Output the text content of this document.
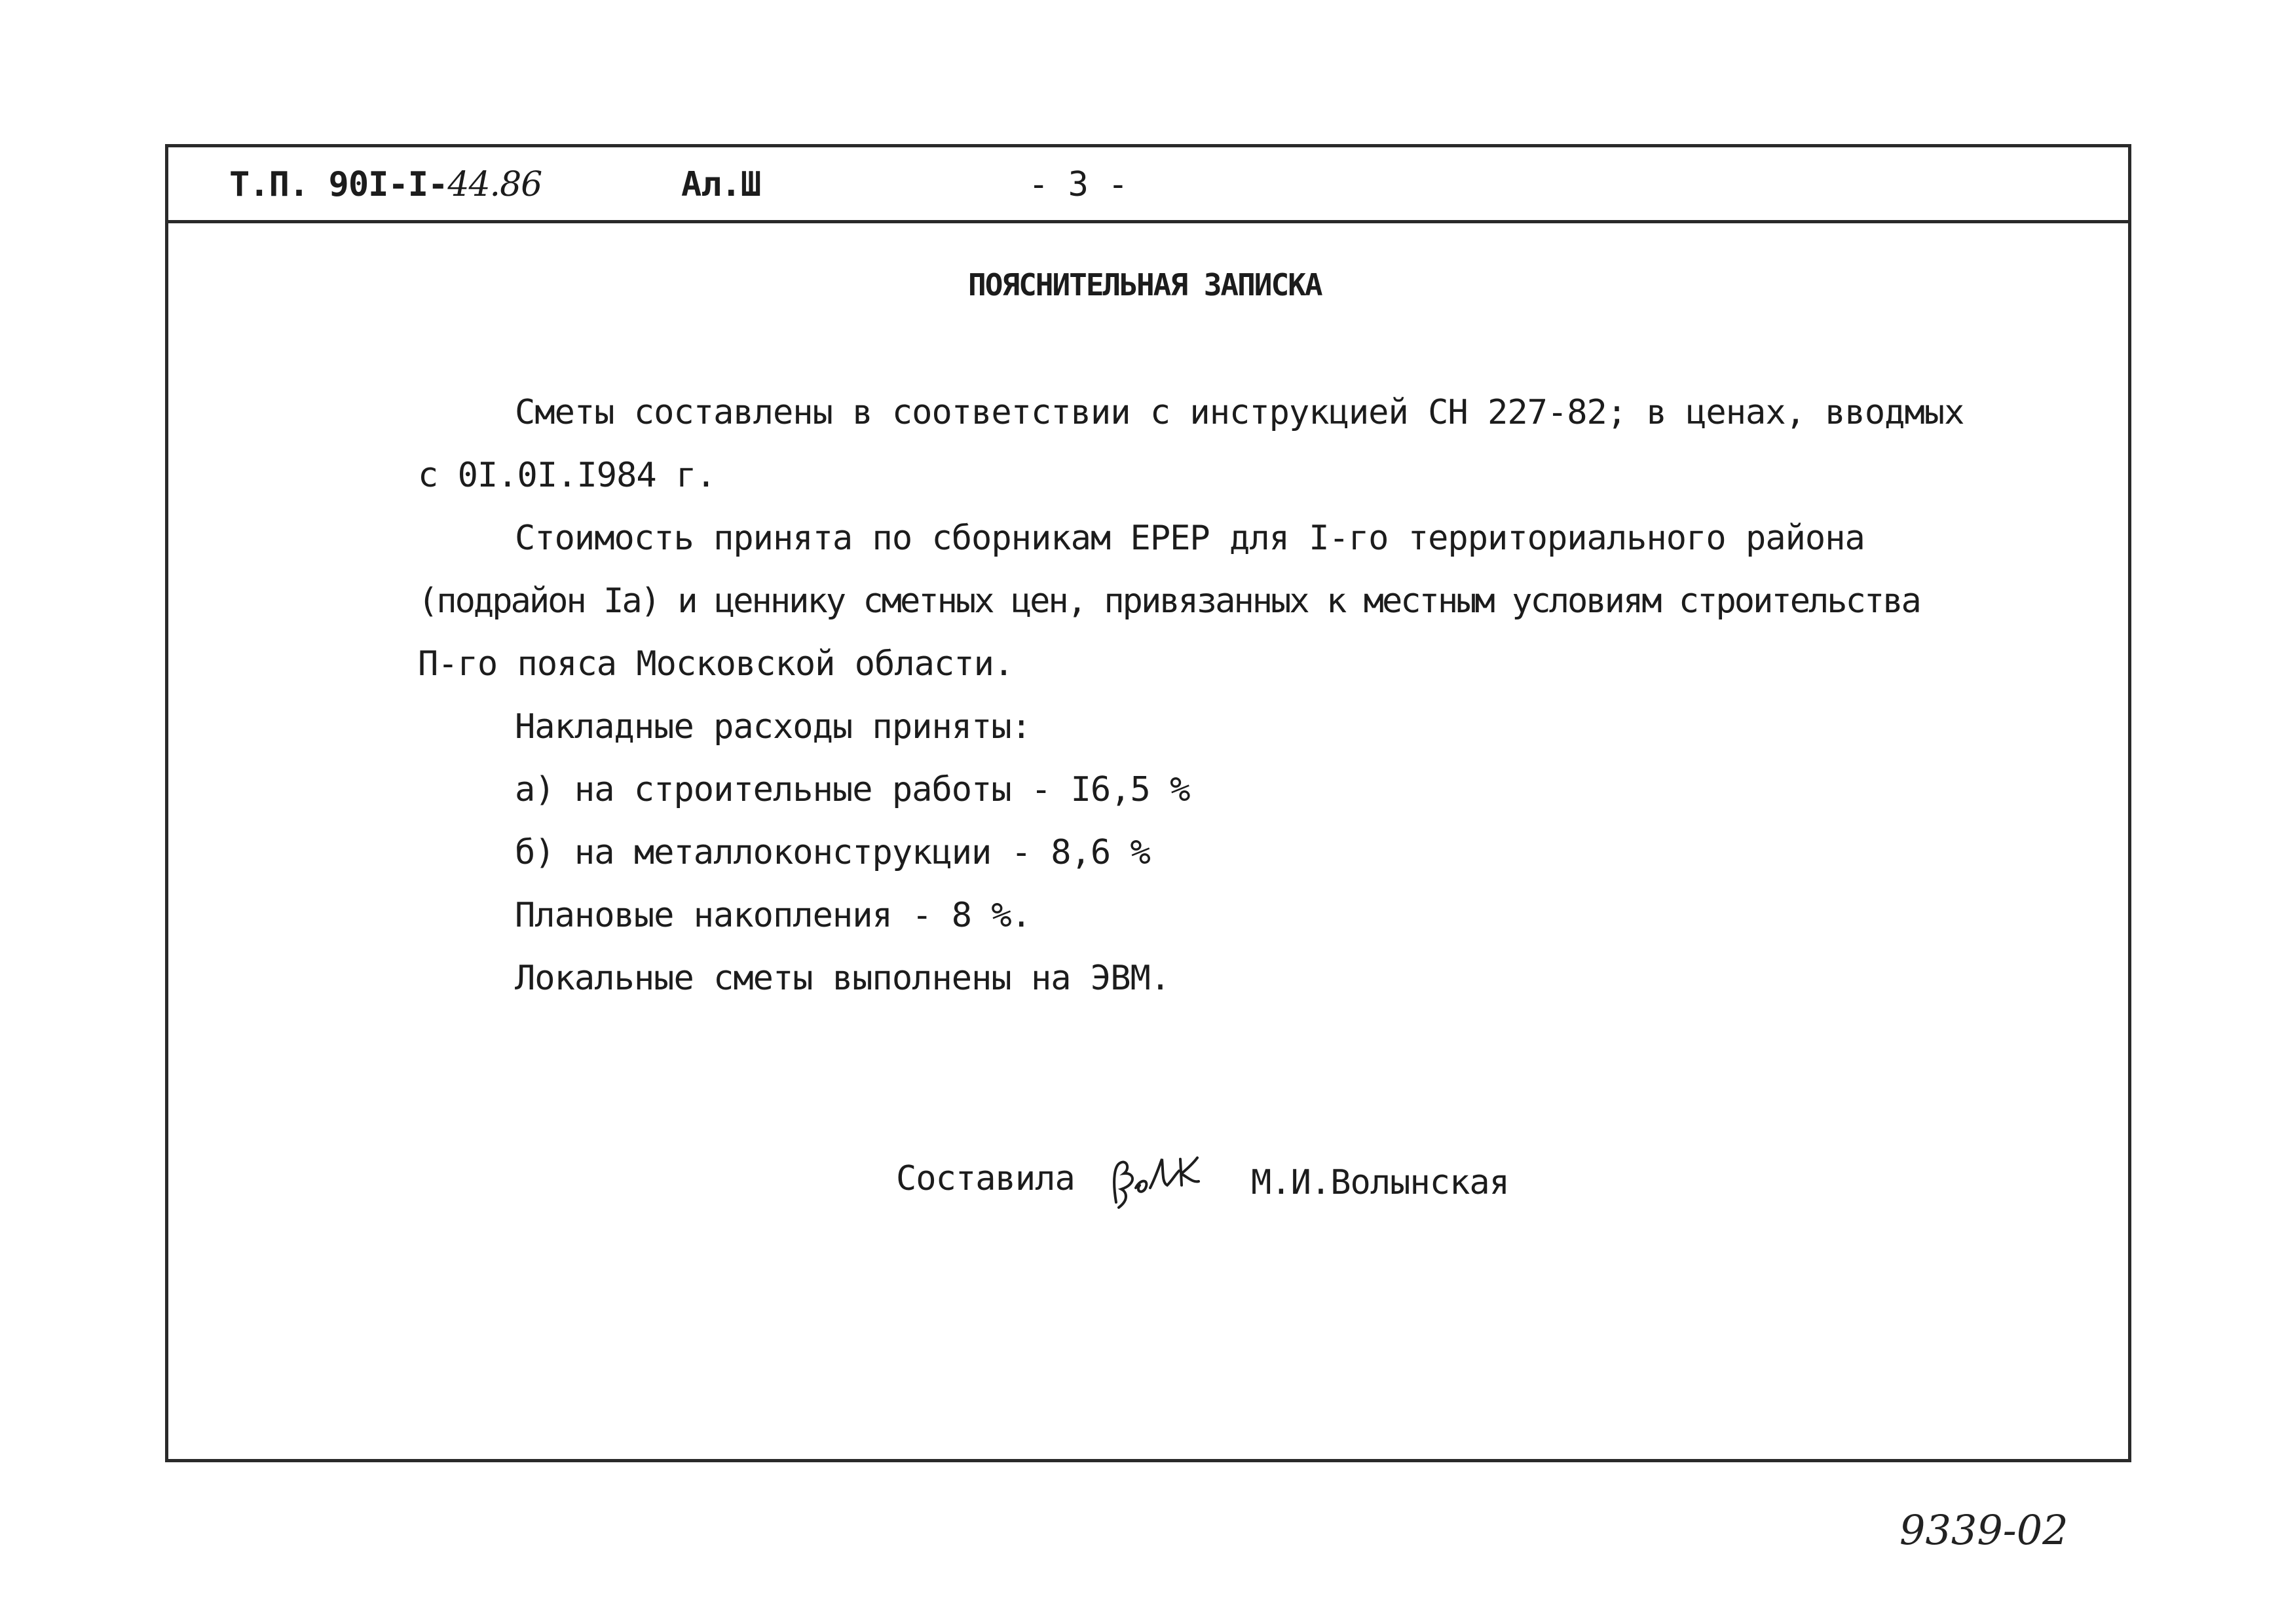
Т.П. 90I-I-44.86	Ал.Ш	- 3 -
ПОЯСНИТЕЛЬНАЯ ЗАПИСКА
Сметы составлены в соответствии с инструкцией СН 227-82; в ценах, вводмых
с 0I.0I.I984 г.
Стоимость принята по сборникам ЕРЕР для I-го территориального района
(подрайон Iа) и ценнику сметных цен, привязанных к местным условиям строительства
П-го пояса Московской области.
Накладные расходы приняты:
а) на строительные работы - I6,5 %
б) на металлоконструкции - 8,6 %
Плановые накопления - 8 %.
Локальные сметы выполнены на ЭВМ.
Составила	М.И.Волынская
9339-02
